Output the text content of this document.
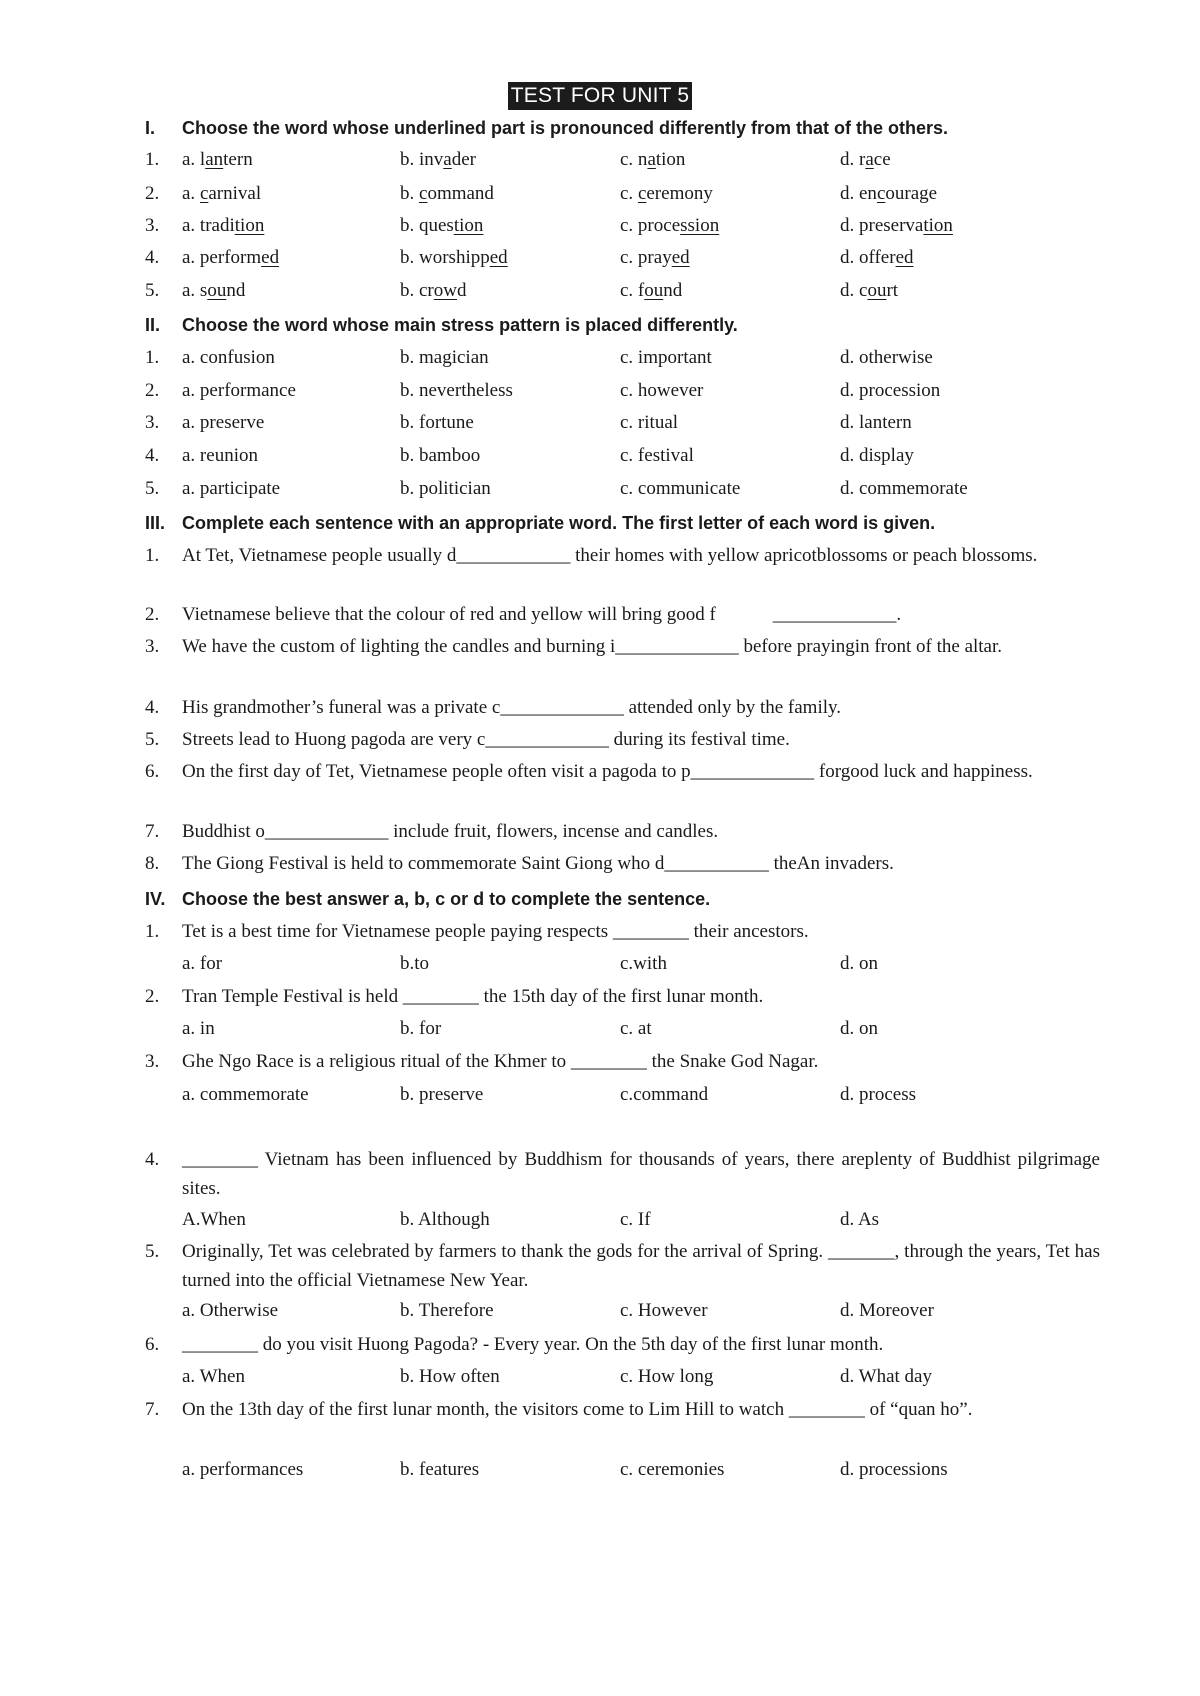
TEST FOR UNIT 5
I. Choose the word whose underlined part is pronounced differently from that of the others.
1. a. lantern	b. invader	c. nation	d. race
2. a. carnival	b. command	c. ceremony	d. encourage
3. a. tradition	b. question	c. procession	d. preservation
4. a. performed	b. worshipped	c. prayed	d. offered
5. a. sound	b. crowd	c. found	d. court
II. Choose the word whose main stress pattern is placed differently.
1. a. confusion	b. magician	c. important	d. otherwise
2. a. performance	b. nevertheless	c. however	d. procession
3. a. preserve	b. fortune	c. ritual	d. lantern
4. a. reunion	b. bamboo	c. festival	d. display
5. a. participate	b. politician	c. communicate	d. commemorate
III. Complete each sentence with an appropriate word. The first letter of each word is given.
1. At Tet, Vietnamese people usually d____________ their homes with yellow apricotblossoms or peach blossoms.
2. Vietnamese believe that the colour of red and yellow will bring good f            _____________.
3. We have the custom of lighting the candles and burning i_____________ before prayingin front of the altar.
4. His grandmother’s funeral was a private c_____________ attended only by the family.
5. Streets lead to Huong pagoda are very c_____________ during its festival time.
6. On the first day of Tet, Vietnamese people often visit a pagoda to p_____________ forgood luck and happiness.
7. Buddhist o_____________ include fruit, flowers, incense and candles.
8. The Giong Festival is held to commemorate Saint Giong who d___________ theAn invaders.
IV. Choose the best answer a, b, c or d to complete the sentence.
1. Tet is a best time for Vietnamese people paying respects ________ their ancestors.
a. for	b.to	c.with	d. on
2. Tran Temple Festival is held ________ the 15th day of the first lunar month.
a. in	b. for	c. at	d. on
3. Ghe Ngo Race is a religious ritual of the Khmer to ________ the Snake God Nagar.
a. commemorate	b. preserve	c.command	d. process
4. ________ Vietnam has been influenced by Buddhism for thousands of years, there areplenty of Buddhist pilgrimage sites.
A.When	b. Although	c. If	d. As
5. Originally, Tet was celebrated by farmers to thank the gods for the arrival of Spring. _______, through the years, Tet has turned into the official Vietnamese New Year.
a. Otherwise	b. Therefore	c. However	d. Moreover
6. ________ do you visit Huong Pagoda? - Every year. On the 5th day of the first lunar month.
a. When	b. How often	c. How long	d. What day
7. On the 13th day of the first lunar month, the visitors come to Lim Hill to watch ________ of “quan ho”.
a. performances	b. features	c. ceremonies	d. processions
